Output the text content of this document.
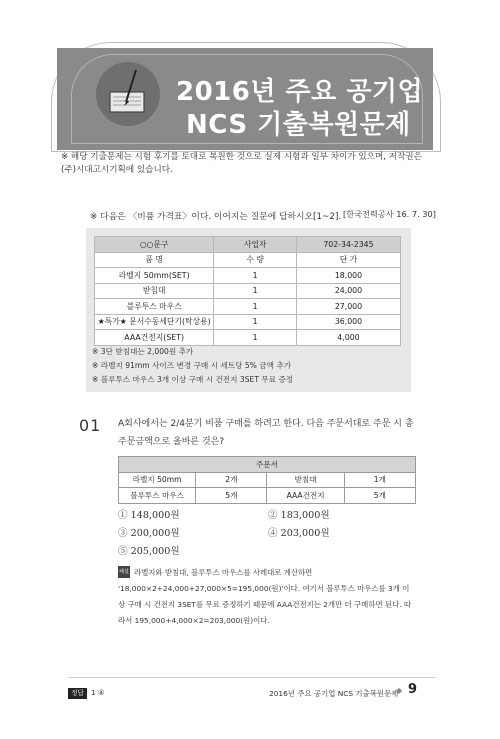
2016년 주요 공기업
NCS 기출복원문제
※ 해당 기출문제는 시험 후기를 토대로 복원한 것으로 실제 시험과 일부 차이가 있으며, 저작권은 (주)시대고시기획에 있습니다.
※ 다음은 〈비품 가격표〉이다. 이어지는 질문에 답하시오[1~2]. [한국전력공사 16. 7. 30]
○○문구	사업자	702-34-2345
품 명	수 량	단 가
라벨지 50mm(SET)	1	18,000
받침대	1	24,000
블루투스 마우스	1	27,000
★특가★ 문서수동세단기(탁상용)	1	36,000
AAA건전지(SET)	1	4,000
※ 3단 받침대는 2,000원 추가
※ 라벨지 91mm 사이즈 변경 구매 시 세트당 5% 금액 추가
※ 블루투스 마우스 3개 이상 구매 시 건전지 3SET 무료 증정
01 A회사에서는 2/4분기 비품 구매를 하려고 한다. 다음 주문서대로 주문 시 총 주문금액으로 올바른 것은?
주문서			
라벨지 50mm	2개	받침대	1개
블루투스 마우스	5개	AAA건전지	5개
① 148,000원	② 183,000원
③ 200,000원	④ 203,000원
⑤ 205,000원
라벨지와 받침대, 블루투스 마우스를 사례대로 계산하면 '18,000×2+24,000+27,000×5=195,000(원)'이다. 여기서 블루투스 마우스를 3개 이상 구매 시 건전지 3SET를 무료 증정하기 때문에 AAA건전지는 2개만 더 구매하면 된다. 따라서 195,000+4,000×2=203,000(원)이다.
해설
정답 1 ④	2016년 주요 공기업 NCS 기출복원문제
◆ 9
